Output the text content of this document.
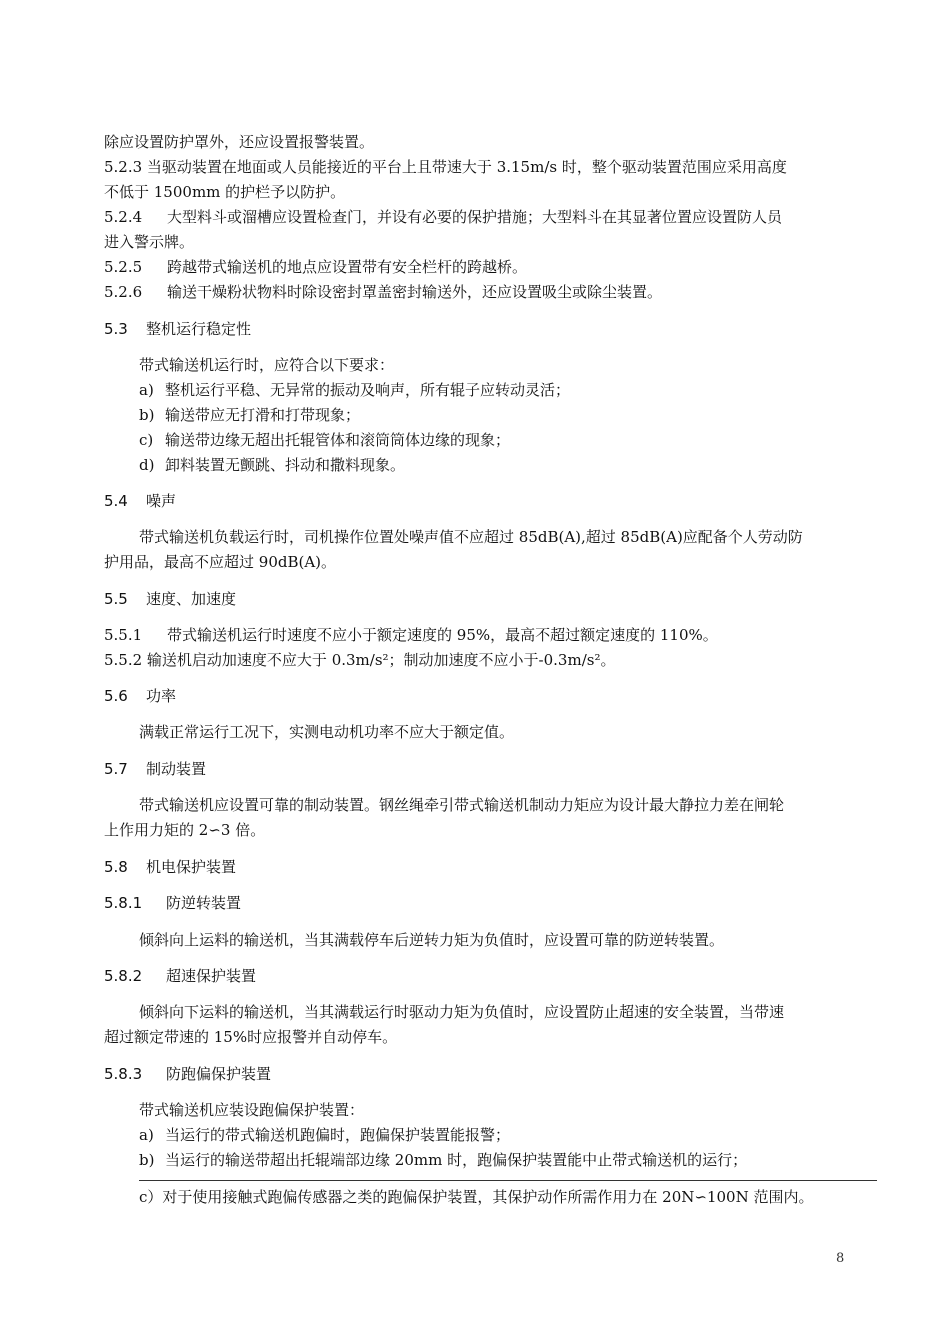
除应设置防护罩外，还应设置报警装置。
5.2.3 当驱动装置在地面或人员能接近的平台上且带速大于 3.15m/s 时，整个驱动装置范围应采用高度
不低于 1500mm 的护栏予以防护。
5.2.4 大型料斗或溜槽应设置检查门，并设有必要的保护措施；大型料斗在其显著位置应设置防人员
进入警示牌。
5.2.5 跨越带式输送机的地点应设置带有安全栏杆的跨越桥。
5.2.6 输送干燥粉状物料时除设密封罩盖密封输送外，还应设置吸尘或除尘装置。
5.3 整机运行稳定性
带式输送机运行时，应符合以下要求：
a) 整机运行平稳、无异常的振动及响声，所有辊子应转动灵活；
b) 输送带应无打滑和打带现象；
c) 输送带边缘无超出托辊管体和滚筒筒体边缘的现象；
d) 卸料装置无颤跳、抖动和撒料现象。
5.4 噪声
带式输送机负载运行时，司机操作位置处噪声值不应超过 85dB(A),超过 85dB(A)应配备个人劳动防
护用品，最高不应超过 90dB(A)。
5.5 速度、加速度
5.5.1 带式输送机运行时速度不应小于额定速度的 95%，最高不超过额定速度的 110%。
5.5.2 输送机启动加速度不应大于 0.3m/s²；制动加速度不应小于-0.3m/s²。
5.6 功率
满载正常运行工况下，实测电动机功率不应大于额定值。
5.7 制动装置
带式输送机应设置可靠的制动装置。钢丝绳牵引带式输送机制动力矩应为设计最大静拉力差在闸轮
上作用力矩的 2∽3 倍。
5.8 机电保护装置
5.8.1 防逆转装置
倾斜向上运料的输送机，当其满载停车后逆转力矩为负值时，应设置可靠的防逆转装置。
5.8.2 超速保护装置
倾斜向下运料的输送机，当其满载运行时驱动力矩为负值时，应设置防止超速的安全装置，当带速
超过额定带速的 15%时应报警并自动停车。
5.8.3 防跑偏保护装置
带式输送机应装设跑偏保护装置：
a) 当运行的带式输送机跑偏时，跑偏保护装置能报警；
b) 当运行的输送带超出托辊端部边缘 20mm 时，跑偏保护装置能中止带式输送机的运行；
c）对于使用接触式跑偏传感器之类的跑偏保护装置，其保护动作所需作用力在 20N∽100N 范围内。
8
